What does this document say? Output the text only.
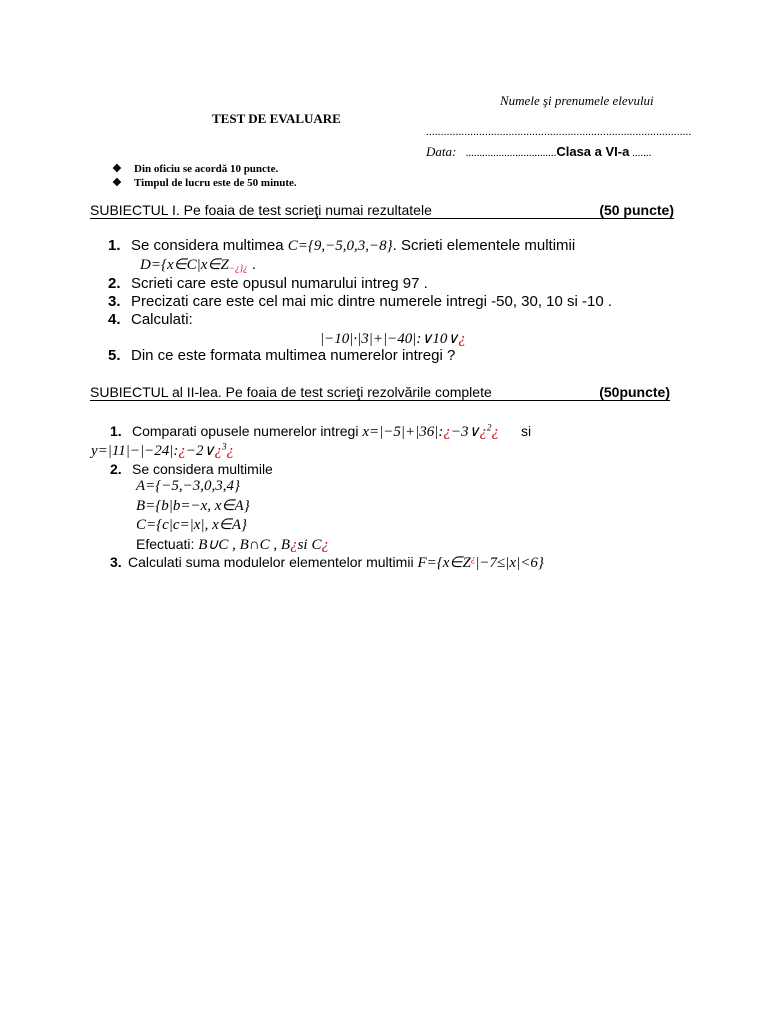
Numele şi prenumele elevului
TEST DE EVALUARE
..........................................................................................
Data: .................................Clasa a VI-a .......
❖ Din oficiu se acordă 10 puncte.
❖ Timpul de lucru este de 50 minute.
SUBIECTUL I. Pe foaia de test scrieţi numai rezultatele	(50 puncte)
1. Se considera multimea C={9,−5,0,3,−8}. Scrieti elementele multimii
D={x∈C|x∈Z−¿}¿ .
2. Scrieti care este opusul numarului intreg 97 .
3. Precizati care este cel mai mic dintre numerele intregi -50, 30, 10 si -10 .
4. Calculati:
|−10|·|3|+|−40|:∨10∨¿
5. Din ce este formata multimea numerelor intregi ?
SUBIECTUL al II-lea. Pe foaia de test scrieţi rezolvările complete	(50puncte)
1. Comparati opusele numerelor intregi x=|−5|+|36|:¿−3∨¿$^2$¿ si
y=|11|−|−24|:¿−2∨¿$^3$¿
2. Se considera multimile
A={−5,−3,0,3,4}
B={b|b=−x, x∈A}
C={c|c=|x|, x∈A}
Efectuati: B∪C , B∩C , B¿si C¿
3. Calculati suma modulelor elementelor multimii F={x∈Z¿|−7≤|x|<6}
